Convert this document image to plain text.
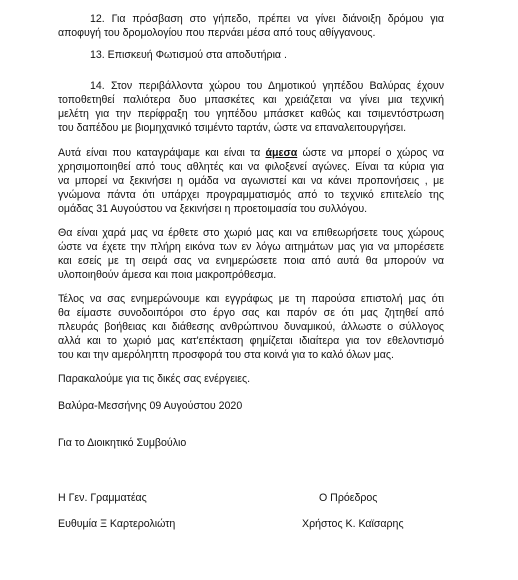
12. Για πρόσβαση στο γήπεδο, πρέπει να γίνει διάνοιξη δρόμου για
αποφυγή του δρομολογίου που περνάει μέσα από τους αθίγγανους.
13. Επισκευή Φωτισμού στα αποδυτήρια .
14. Στον περιβάλλοντα χώρου του Δημοτικού γηπέδου Βαλύρας έχουν
τοποθετηθεί παλιότερα δυο μπασκέτες και χρειάζεται να γίνει μια τεχνική
μελέτη για την περίφραξη του γηπέδου μπάσκετ καθώς και τσιμεντόστρωση
του δαπέδου με βιομηχανικό τσιμέντο ταρτάν, ώστε να επαναλειτουργήσει.
Αυτά είναι που καταγράψαμε και είναι τα άμεσα ώστε να μπορεί ο χώρος να
χρησιμοποιηθεί από τους αθλητές και να φιλοξενεί αγώνες. Είναι τα κύρια για
να μπορεί να ξεκινήσει η ομάδα να αγωνιστεί και να κάνει προπονήσεις , με
γνώμονα πάντα ότι υπάρχει προγραμματισμός από το τεχνικό επιτελείο της
ομάδας 31 Αυγούστου να ξεκινήσει η προετοιμασία του συλλόγου.
Θα είναι χαρά μας να έρθετε στο χωριό μας και να επιθεωρήσετε τους χώρους
ώστε να έχετε την πλήρη εικόνα των εν λόγω αιτημάτων μας για να μπορέσετε
και εσείς με τη σειρά σας να ενημερώσετε ποια από αυτά θα μπορούν να
υλοποιηθούν άμεσα και ποια μακροπρόθεσμα.
Τέλος να σας ενημερώνουμε και εγγράφως με τη παρούσα επιστολή μας ότι
θα είμαστε συνοδοιπόροι στο έργο σας και παρόν σε ότι μας ζητηθεί από
πλευράς βοήθειας και διάθεσης ανθρώπινου δυναμικού, άλλωστε ο σύλλογος
αλλά και το χωριό μας κατ'επέκταση φημίζεται ιδιαίτερα για τον εθελοντισμό
του και την αμερόληπτη προσφορά του στα κοινά για το καλό όλων μας.
Παρακαλούμε για τις δικές σας ενέργειες.
Βαλύρα-Μεσσήνης 09 Αυγούστου 2020
Για το Διοικητικό Συμβούλιο
Η Γεν. Γραμματέας	Ο Πρόεδρος
Ευθυμία Ξ Καρτερολιώτη	Χρήστος Κ. Καϊσαρης
